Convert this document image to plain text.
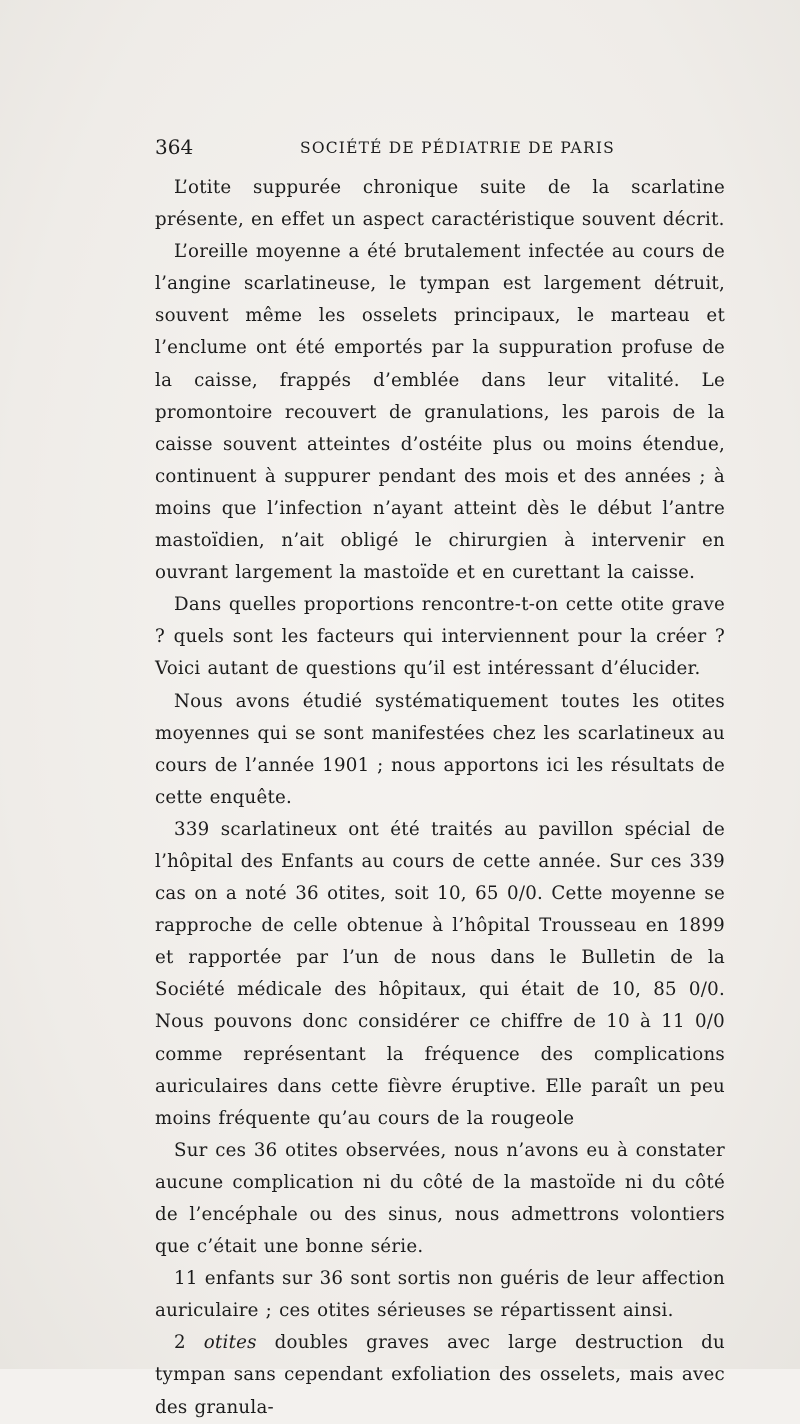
364	SOCIÉTÉ DE PÉDIATRIE DE PARIS

L’otite suppurée chronique suite de la scarlatine présente, en effet un aspect caractéristique souvent décrit.

L’oreille moyenne a été brutalement infectée au cours de l’angine scarlatineuse, le tympan est largement détruit, souvent même les osselets principaux, le marteau et l’enclume ont été emportés par la suppuration profuse de la caisse, frappés d’emblée dans leur vitalité. Le promontoire recouvert de granulations, les parois de la caisse souvent atteintes d’ostéite plus ou moins étendue, continuent à suppurer pendant des mois et des années ; à moins que l’infection n’ayant atteint dès le début l’antre mastoïdien, n’ait obligé le chirurgien à intervenir en ouvrant largement la mastoïde et en curettant la caisse.

Dans quelles proportions rencontre-t-on cette otite grave ? quels sont les facteurs qui interviennent pour la créer ? Voici autant de questions qu’il est intéressant d’élucider.

Nous avons étudié systématiquement toutes les otites moyennes qui se sont manifestées chez les scarlatineux au cours de l’année 1901 ; nous apportons ici les résultats de cette enquête.

339 scarlatineux ont été traités au pavillon spécial de l’hôpital des Enfants au cours de cette année. Sur ces 339 cas on a noté 36 otites, soit 10, 65 0/0. Cette moyenne se rapproche de celle obtenue à l’hôpital Trousseau en 1899 et rapportée par l’un de nous dans le Bulletin de la Société médicale des hôpitaux, qui était de 10, 85 0/0. Nous pouvons donc considérer ce chiffre de 10 à 11 0/0 comme représentant la fréquence des complications auriculaires dans cette fièvre éruptive. Elle paraît un peu moins fréquente qu’au cours de la rougeole

Sur ces 36 otites observées, nous n’avons eu à constater aucune complication ni du côté de la mastoïde ni du côté de l’encéphale ou des sinus, nous admettrons volontiers que c’était une bonne série.

11 enfants sur 36 sont sortis non guéris de leur affection auriculaire ; ces otites sérieuses se répartissent ainsi.

2 otites doubles graves avec large destruction du tympan sans cependant exfoliation des osselets, mais avec des granula-
